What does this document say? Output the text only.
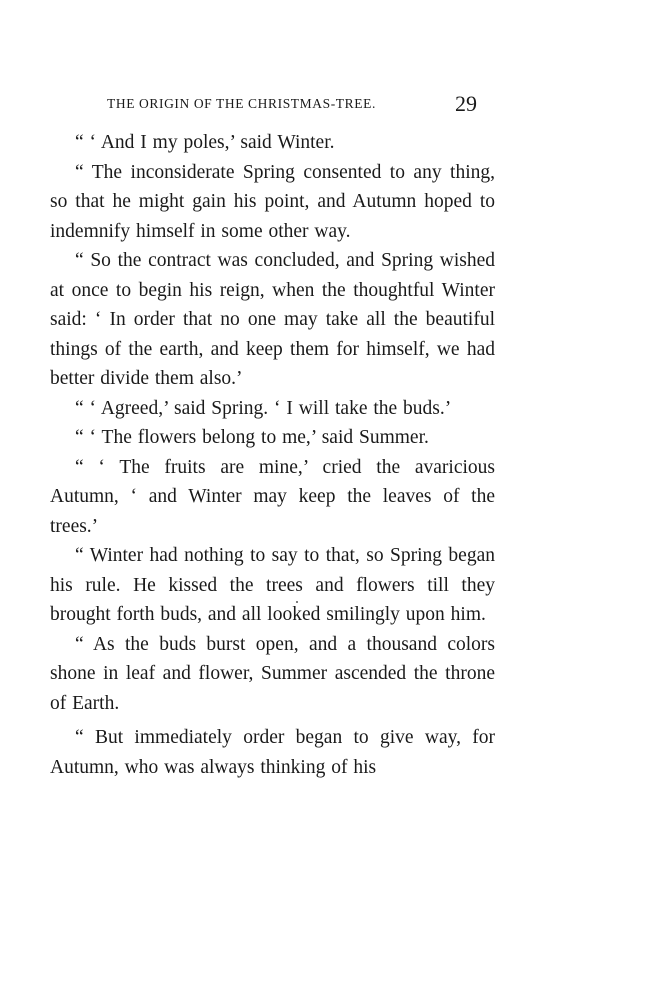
THE ORIGIN OF THE CHRISTMAS-TREE.	29

“ ‘ And I my poles,’ said Winter.

“ The inconsiderate Spring consented to any thing, so that he might gain his point, and Autumn hoped to indemnify himself in some other way.

“ So the contract was concluded, and Spring wished at once to begin his reign, when the thoughtful Winter said: ‘ In order that no one may take all the beautiful things of the earth, and keep them for himself, we had better divide them also.’

“ ‘ Agreed,’ said Spring. ‘ I will take the buds.’

“ ‘ The flowers belong to me,’ said Summer.

“ ‘ The fruits are mine,’ cried the avaricious Autumn, ‘ and Winter may keep the leaves of the trees.’

“ Winter had nothing to say to that, so Spring began his rule. He kissed the trees and flowers till they brought forth buds, and all looked smilingly upon him.

“ As the buds burst open, and a thousand colors shone in leaf and flower, Summer ascended the throne of Earth.

“ But immediately order began to give way, for Autumn, who was always thinking of his
